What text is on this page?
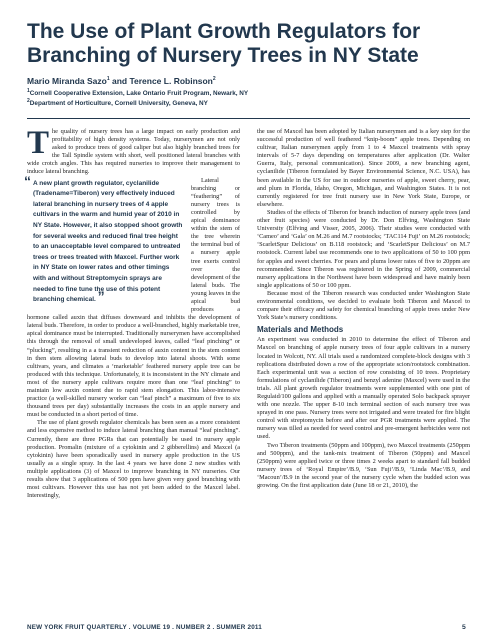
The Use of Plant Growth Regulators for Branching of Nursery Trees in NY State
Mario Miranda Sazo$^1$ and Terence L. Robinson$^2$
$^1$Cornell Cooperative Extension, Lake Ontario Fruit Program, Newark, NY
$^2$Department of Horticulture, Cornell University, Geneva, NY

The quality of nursery trees has a large impact on early production and profitability of high density systems. Today, nurserymen are not only asked to produce trees of good caliper but also highly branched trees for the Tall Spindle system with short, well positioned lateral branches with wide crotch angles. This has required nurseries to improve their management to induce lateral branching.

“ A new plant growth regulator, cyclanilide (Tradename=Tiberon) very effectively induced lateral branching in nursery trees of 4 apple cultivars in the warm and humid year of 2010 in NY State. However, it also stopped shoot growth for several weeks and reduced final tree height to an unacceptable level compared to untreated trees or trees treated with Maxcel. Further work in NY State on lower rates and other timings with and without Streptomycin sprays are needed to fine tune the use of this potent branching chemical. ”

Lateral branching or “feathering” of nursery trees is controlled by apical dominance within the stem of the tree wherein the terminal bud of a nursery apple tree exerts control over the development of the lateral buds. The young leaves in the apical bud produces a hormone called auxin that diffuses downward and inhibits the development of lateral buds. Therefore, in order to produce a well-branched, highly marketable tree, apical dominance must be interrupted. Traditionally nurserymen have accomplished this through the removal of small undeveloped leaves, called “leaf pinching” or “plucking”, resulting in a a transient reduction of auxin content in the stem content in then stem allowing lateral buds to develop into lateral shoots. With some cultivars, years, and climates a ‘marketable’ feathered nursery apple tree can be produced with this technique. Unfortunately, it is inconsistent in the NY climate and most of the nursery apple cultivars require more than one “leaf pinching” to maintain low auxin content due to rapid stem elongation. This labor-intensive practice (a well-skilled nursery worker can “leaf pinch” a maximum of five to six thousand trees per day) substantially increases the costs in an apple nursery and must be conducted in a short period of time.

The use of plant growth regulator chemicals has been seen as a more consistent and less expensive method to induce lateral branching than manual “leaf pinching”. Currently, there are three PGRs that can potentially be used in nursery apple production. Promalin (mixture of a cytokinin and 2 gibberellins) and Maxcel (a cytokinin) have been sporadically used in nursery apple production in the US usually as a single spray. In the last 4 years we have done 2 new studies with multiple applications (3) of Maxcel to improve branching in NY nurseries. Our results show that 3 applications of 500 ppm have given very good branching with most cultivars. However this use has not yet been added to the Maxcel label. Interestingly,

the use of Maxcel has been adopted by Italian nurserymen and is a key step for the successful production of well feathered “knip-boom” apple trees. Depending on cultivar, Italian nurserymen apply from 1 to 4 Maxcel treatments with spray intervals of 5-7 days depending on temperatures after application (Dr. Walter Guerra, Italy, personal communication). Since 2009, a new branching agent, cyclanilide (Tiberon formulated by Bayer Environmental Science, N.C. USA), has been available in the US for use in outdoor nurseries of apple, sweet cherry, pear, and plum in Florida, Idaho, Oregon, Michigan, and Washington States. It is not currently registered for tree fruit nursery use in New York State, Europe, or elsewhere.

Studies of the effects of Tiberon for branch induction of nursery apple trees (and other fruit species) were conducted by Dr. Don Elfving, Washington State University (Elfving and Visser, 2005, 2006). Their studies were conducted with ‘Cameo’ and ‘Gala’ on M.26 and M.7 rootstocks; ‘TAC114 Fuji’ on M.26 rootstock; ‘ScarletSpur Delicious’ on B.118 rootstock; and ‘ScarletSpur Delicious’ on M.7 rootstock. Current label use recommends one to two applications of 50 to 100 ppm for apples and sweet cherries. For pears and plums lower rates of five to 20ppm are recommended. Since Tiberon was registered in the Spring of 2009, commercial nursery applications in the Northwest have been widespread and have mainly been single applications of 50 or 100 ppm.

Because most of the Tiberon research was conducted under Washington State environmental conditions, we decided to evaluate both Tiberon and Maxcel to compare their efficacy and safety for chemical branching of apple trees under New York State’s nursery conditions.

Materials and Methods

An experiment was conducted in 2010 to determine the effect of Tiberon and Maxcel on branching of apple nursery trees of four apple cultivars in a nursery located in Wolcott, NY. All trials used a randomized complete-block designs with 3 replications distributed down a row of the appropriate scion/rootstock combination. Each experimental unit was a section of row consisting of 10 trees. Proprietary formulations of cyclanilide (Tiberon) and benzyl adenine (Maxcel) were used in the trials. All plant growth regulator treatments were supplemented with one pint of Regulaid/100 gallons and applied with a manually operated Solo backpack sprayer with one nozzle. The upper 8-10 inch terminal section of each nursery tree was sprayed in one pass. Nursery trees were not irrigated and were treated for fire blight control with streptomycin before and after our PGR treatments were applied. The nursery was tilled as needed for weed control and pre-emergent herbicides were not used.

Two Tiberon treatments (50ppm and 100ppm), two Maxcel treatments (250ppm and 500ppm), and the tank-mix treatment of Tiberon (50ppm) and Maxcel (250ppm) were applied twice or three times 2 weeks apart to standard fall budded nursery trees of ‘Royal Empire’/B.9, ‘Sun Fuji’/B.9, ‘Linda Mac’/B.9, and ‘Macoun’/B.9 in the second year of the nursery cycle when the budded scion was growing. On the first application date (June 18 or 21, 2010), the

NEW YORK FRUIT QUARTERLY . VOLUME 19 . NUMBER 2 . SUMMER 2011	5
